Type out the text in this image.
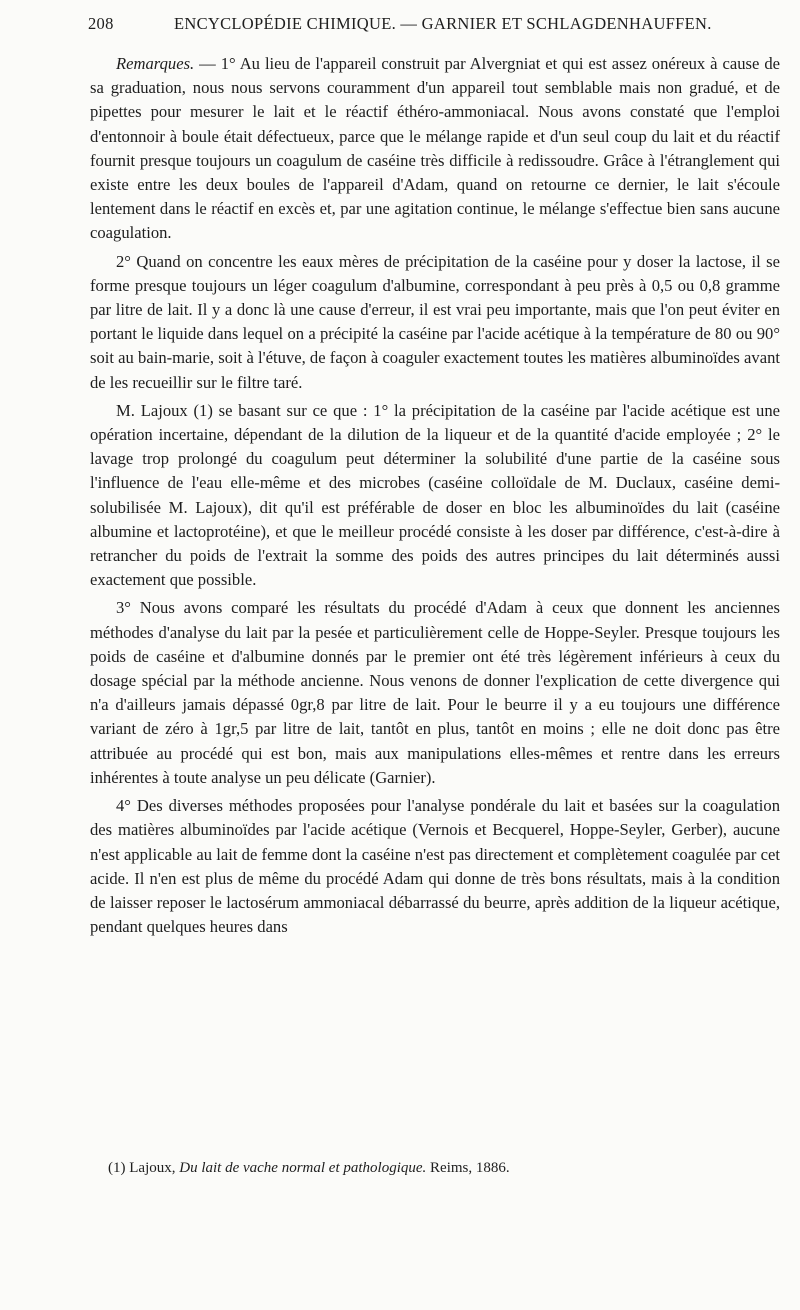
208	ENCYCLOPÉDIE CHIMIQUE. — GARNIER ET SCHLAGDENHAUFFEN.

Remarques. — 1° Au lieu de l'appareil construit par Alvergniat et qui est assez onéreux à cause de sa graduation, nous nous servons couramment d'un appareil tout semblable mais non gradué, et de pipettes pour mesurer le lait et le réactif éthéro-ammoniacal. Nous avons constaté que l'emploi d'entonnoir à boule était défectueux, parce que le mélange rapide et d'un seul coup du lait et du réactif fournit presque toujours un coagulum de caséine très difficile à redissoudre. Grâce à l'étranglement qui existe entre les deux boules de l'appareil d'Adam, quand on retourne ce dernier, le lait s'écoule lentement dans le réactif en excès et, par une agitation continue, le mélange s'effectue bien sans aucune coagulation.

2° Quand on concentre les eaux mères de précipitation de la caséine pour y doser la lactose, il se forme presque toujours un léger coagulum d'albumine, correspondant à peu près à 0,5 ou 0,8 gramme par litre de lait. Il y a donc là une cause d'erreur, il est vrai peu importante, mais que l'on peut éviter en portant le liquide dans lequel on a précipité la caséine par l'acide acétique à la température de 80 ou 90° soit au bain-marie, soit à l'étuve, de façon à coaguler exactement toutes les matières albuminoïdes avant de les recueillir sur le filtre taré.

M. Lajoux (1) se basant sur ce que : 1° la précipitation de la caséine par l'acide acétique est une opération incertaine, dépendant de la dilution de la liqueur et de la quantité d'acide employée ; 2° le lavage trop prolongé du coagulum peut déterminer la solubilité d'une partie de la caséine sous l'influence de l'eau elle-même et des microbes (caséine colloïdale de M. Duclaux, caséine demi-solubilisée M. Lajoux), dit qu'il est préférable de doser en bloc les albuminoïdes du lait (caséine albumine et lactoprotéine), et que le meilleur procédé consiste à les doser par différence, c'est-à-dire à retrancher du poids de l'extrait la somme des poids des autres principes du lait déterminés aussi exactement que possible.

3° Nous avons comparé les résultats du procédé d'Adam à ceux que donnent les anciennes méthodes d'analyse du lait par la pesée et particulièrement celle de Hoppe-Seyler. Presque toujours les poids de caséine et d'albumine donnés par le premier ont été très légèrement inférieurs à ceux du dosage spécial par la méthode ancienne. Nous venons de donner l'explication de cette divergence qui n'a d'ailleurs jamais dépassé 0gr,8 par litre de lait. Pour le beurre il y a eu toujours une différence variant de zéro à 1gr,5 par litre de lait, tantôt en plus, tantôt en moins ; elle ne doit donc pas être attribuée au procédé qui est bon, mais aux manipulations elles-mêmes et rentre dans les erreurs inhérentes à toute analyse un peu délicate (Garnier).

4° Des diverses méthodes proposées pour l'analyse pondérale du lait et basées sur la coagulation des matières albuminoïdes par l'acide acétique (Vernois et Becquerel, Hoppe-Seyler, Gerber), aucune n'est applicable au lait de femme dont la caséine n'est pas directement et complètement coagulée par cet acide. Il n'en est plus de même du procédé Adam qui donne de très bons résultats, mais à la condition de laisser reposer le lactosérum ammoniacal débarrassé du beurre, après addition de la liqueur acétique, pendant quelques heures dans

(1) Lajoux, Du lait de vache normal et pathologique. Reims, 1886.
